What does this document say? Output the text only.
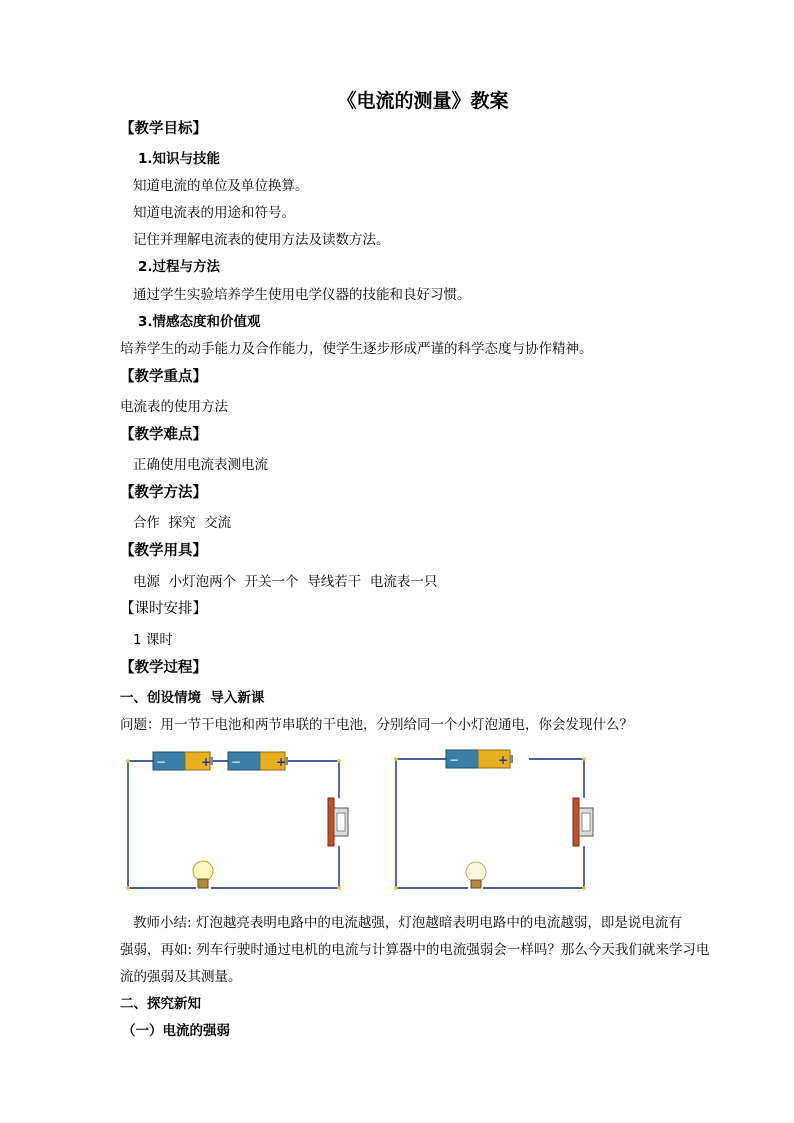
《电流的测量》教案
【教学目标】
1.知识与技能
知道电流的单位及单位换算。
知道电流表的用途和符号。
记住并理解电流表的使用方法及读数方法。
2.过程与方法
通过学生实验培养学生使用电学仪器的技能和良好习惯。
3.情感态度和价值观
培养学生的动手能力及合作能力，使学生逐步形成严谨的科学态度与协作精神。
【教学重点】
电流表的使用方法
【教学难点】
正确使用电流表测电流
【教学方法】
合作  探究  交流
【教学用具】
电源  小灯泡两个  开关一个  导线若干  电流表一只
【课时安排】
1 课时
【教学过程】
一、创设情境  导入新课
问题：用一节干电池和两节串联的干电池，分别给同一个小灯泡通电，你会发现什么？
−	+ −	+	−	+
教师小结: 灯泡越亮表明电路中的电流越强，灯泡越暗表明电路中的电流越弱，即是说电流有
强弱，再如: 列车行驶时通过电机的电流与计算器中的电流强弱会一样吗？那么今天我们就来学习电
流的强弱及其测量。
二、探究新知
（一）电流的强弱
